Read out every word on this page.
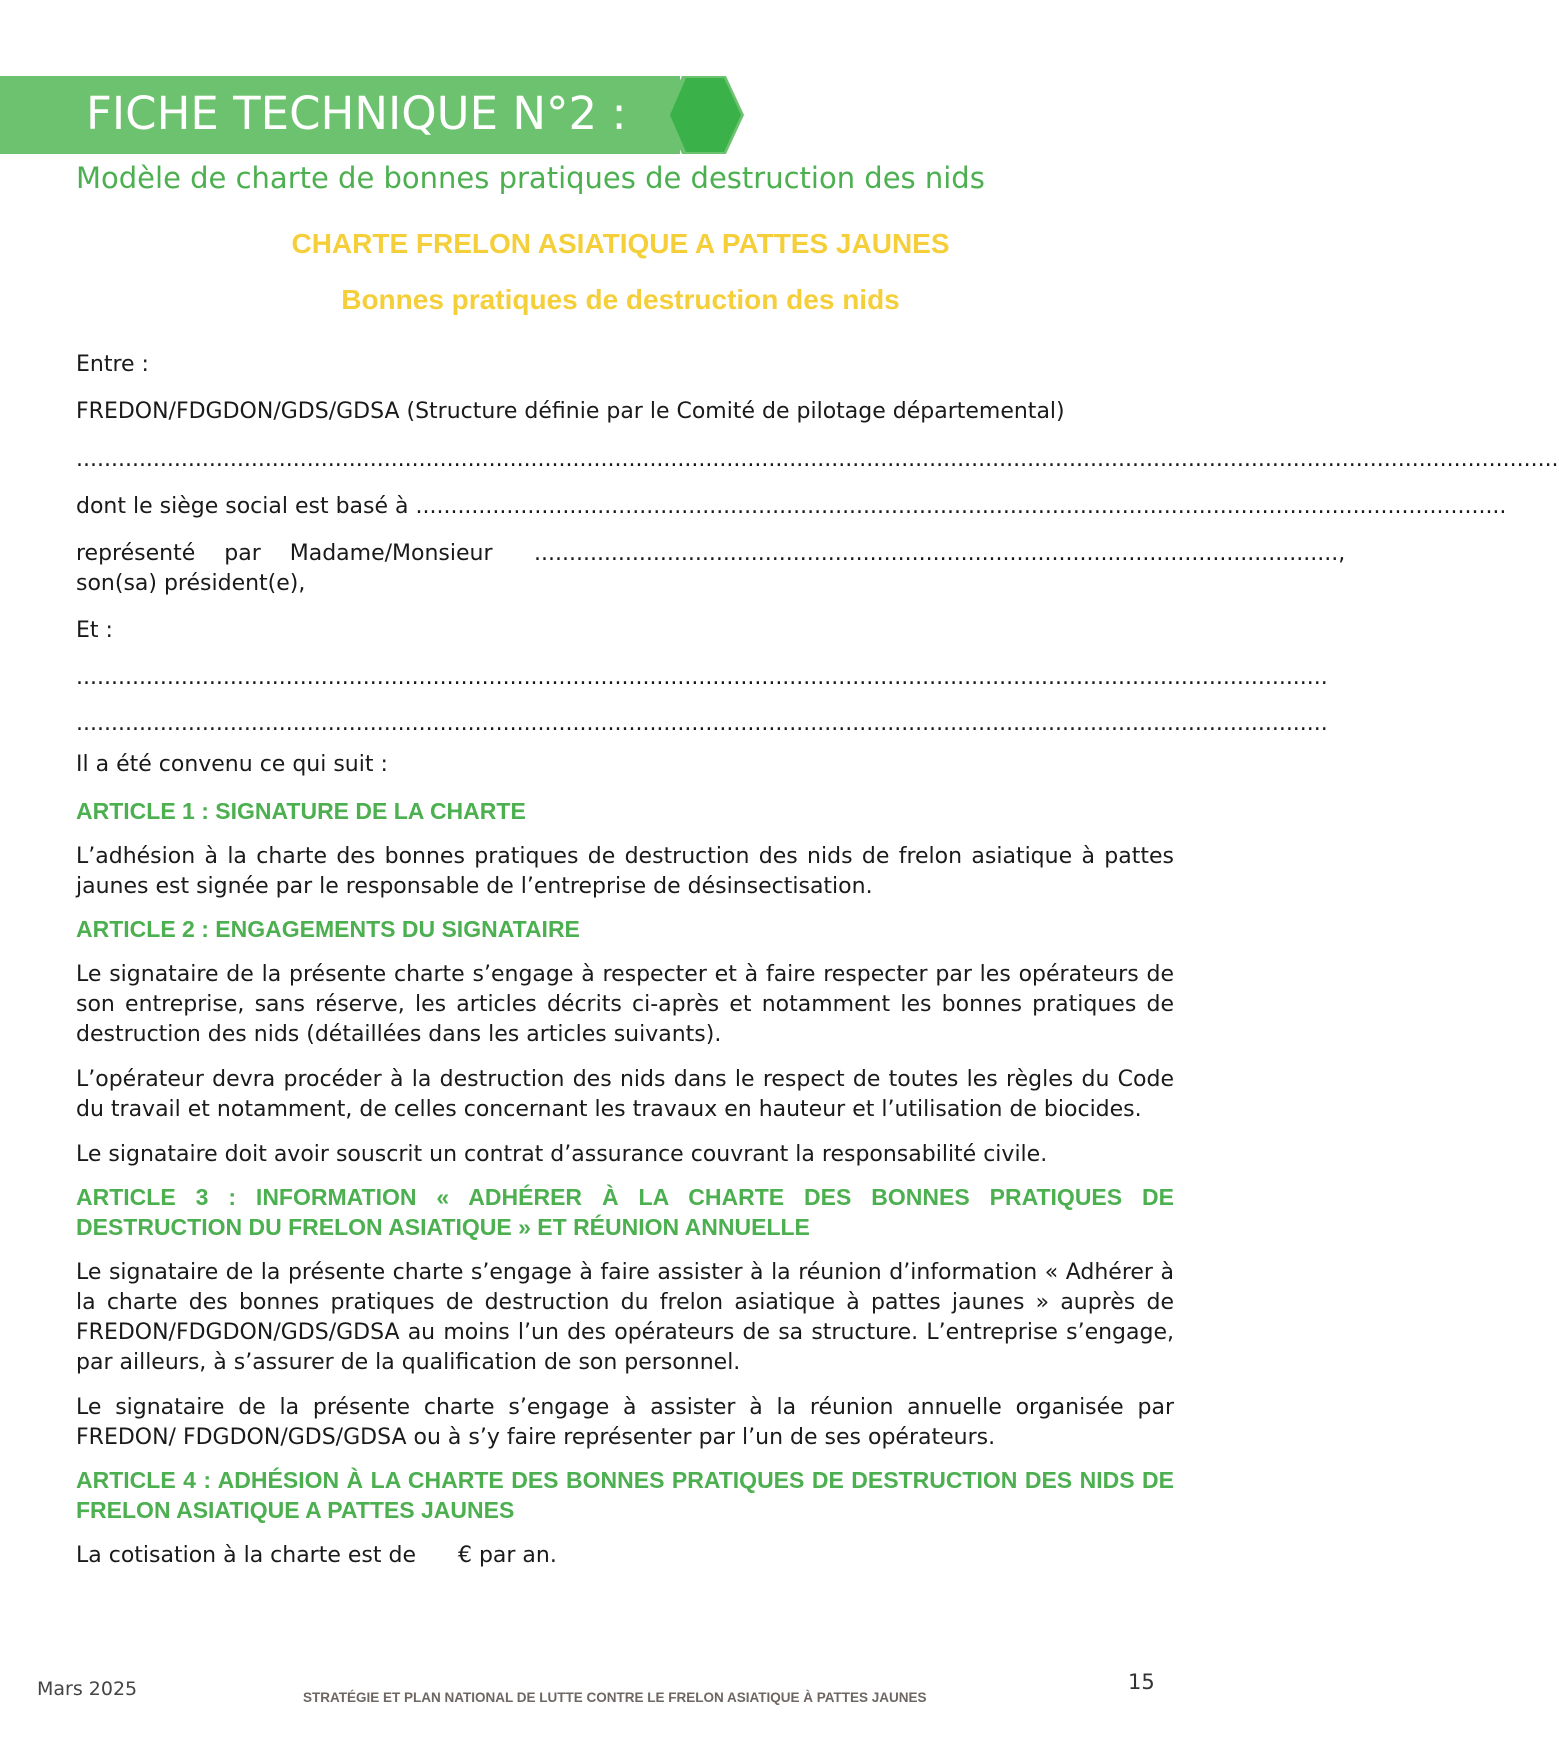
FICHE TECHNIQUE N°2 :
Modèle de charte de bonnes pratiques de destruction des nids
CHARTE FRELON ASIATIQUE A PATTES JAUNES
Bonnes pratiques de destruction des nids

Entre :

FREDON/FDGDON/GDS/GDSA (Structure définie par le Comité de pilotage départemental)

....................................................................................................................................................................................................................

dont le siège social est basé à ............................................................................................................................................................

représenté par Madame/Monsieur ...................................................................................................................,

son(sa) président(e),

Et :

...................................................................................................................................................................................

...................................................................................................................................................................................

Il a été convenu ce qui suit :

ARTICLE 1 : SIGNATURE DE LA CHARTE

L’adhésion à la charte des bonnes pratiques de destruction des nids de frelon asiatique à pattes jaunes est signée par le responsable de l’entreprise de désinsectisation.

ARTICLE 2 : ENGAGEMENTS DU SIGNATAIRE

Le signataire de la présente charte s’engage à respecter et à faire respecter par les opérateurs de son entreprise, sans réserve, les articles décrits ci-après et notamment les bonnes pratiques de destruction des nids (détaillées dans les articles suivants).

L’opérateur devra procéder à la destruction des nids dans le respect de toutes les règles du Code du travail et notamment, de celles concernant les travaux en hauteur et l’utilisation de biocides.

Le signataire doit avoir souscrit un contrat d’assurance couvrant la responsabilité civile.

ARTICLE 3 : INFORMATION « ADHÉRER À LA CHARTE DES BONNES PRATIQUES DE DESTRUCTION DU FRELON ASIATIQUE » ET RÉUNION ANNUELLE

Le signataire de la présente charte s’engage à faire assister à la réunion d’information « Adhérer à la charte des bonnes pratiques de destruction du frelon asiatique à pattes jaunes » auprès de FREDON/FDGDON/GDS/GDSA au moins l’un des opérateurs de sa structure. L’entreprise s’engage, par ailleurs, à s’assurer de la qualification de son personnel.

Le signataire de la présente charte s’engage à assister à la réunion annuelle organisée par FREDON/ FDGDON/GDS/GDSA ou à s’y faire représenter par l’un de ses opérateurs.

ARTICLE 4 : ADHÉSION À LA CHARTE DES BONNES PRATIQUES DE DESTRUCTION DES NIDS DE FRELON ASIATIQUE A PATTES JAUNES

La cotisation à la charte est de      € par an.

Mars 2025	STRATÉGIE ET PLAN NATIONAL DE LUTTE CONTRE LE FRELON ASIATIQUE À PATTES JAUNES
15
